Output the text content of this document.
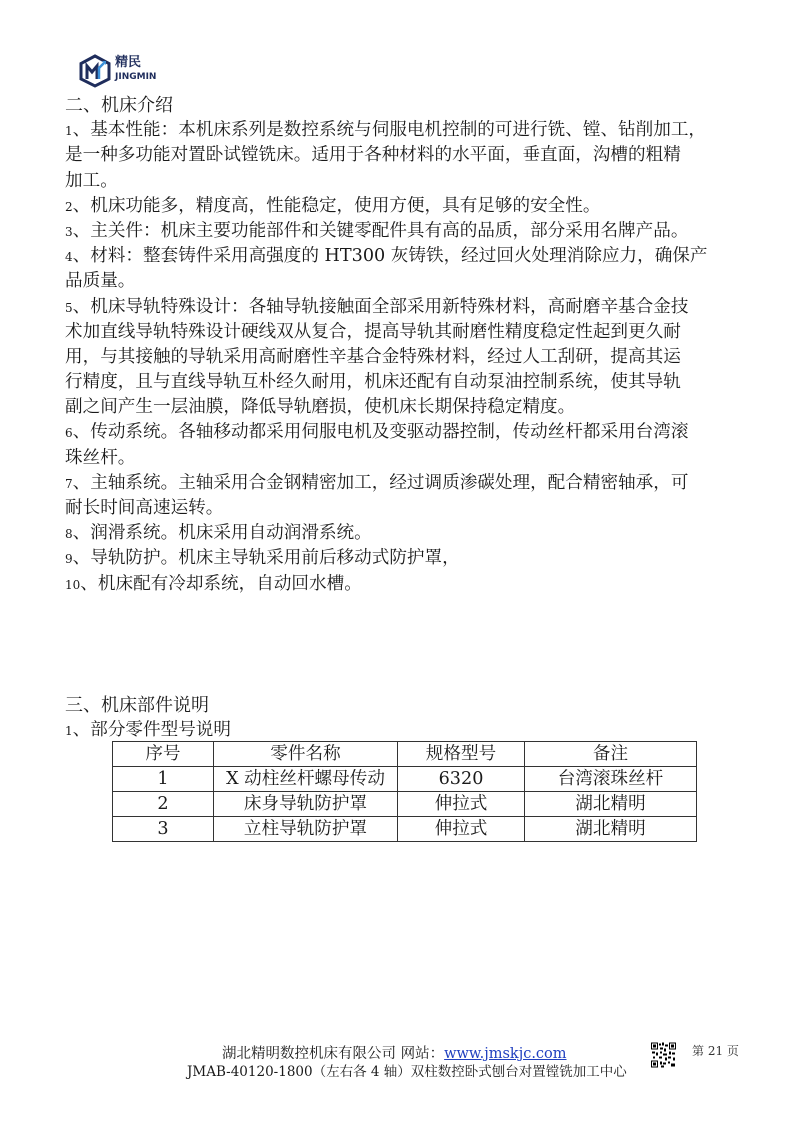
精民
JINGMIN
二、机床介绍
1、基本性能：本机床系列是数控系统与伺服电机控制的可进行铣、镗、钻削加工，
是一种多功能对置卧试镗铣床。适用于各种材料的水平面，垂直面，沟槽的粗精
加工。
2、机床功能多，精度高，性能稳定，使用方便，具有足够的安全性。
3、主关件：机床主要功能部件和关键零配件具有高的品质，部分采用名牌产品。
4、材料：整套铸件采用高强度的 HT300 灰铸铁，经过回火处理消除应力，确保产
品质量。
5、机床导轨特殊设计：各轴导轨接触面全部采用新特殊材料，高耐磨辛基合金技
术加直线导轨特殊设计硬线双从复合，提高导轨其耐磨性精度稳定性起到更久耐
用，与其接触的导轨采用高耐磨性辛基合金特殊材料，经过人工刮研，提高其运
行精度，且与直线导轨互朴经久耐用，机床还配有自动泵油控制系统，使其导轨
副之间产生一层油膜，降低导轨磨损，使机床长期保持稳定精度。
6、传动系统。各轴移动都采用伺服电机及变驱动器控制，传动丝杆都采用台湾滚
珠丝杆。
7、主轴系统。主轴采用合金钢精密加工，经过调质渗碳处理，配合精密轴承，可
耐长时间高速运转。
8、润滑系统。机床采用自动润滑系统。
9、导轨防护。机床主导轨采用前后移动式防护罩，
10、机床配有冷却系统，自动回水槽。
三、机床部件说明
1、部分零件型号说明
序号	零件名称	规格型号	备注
1	X 动柱丝杆螺母传动	6320	台湾滚珠丝杆
2	床身导轨防护罩	伸拉式	湖北精明
3	立柱导轨防护罩	伸拉式	湖北精明
湖北精明数控机床有限公司 网站：www.jmskjc.com
JMAB-40120-1800（左右各 4 轴）双柱数控卧式刨台对置镗铣加工中心
第 21 页
